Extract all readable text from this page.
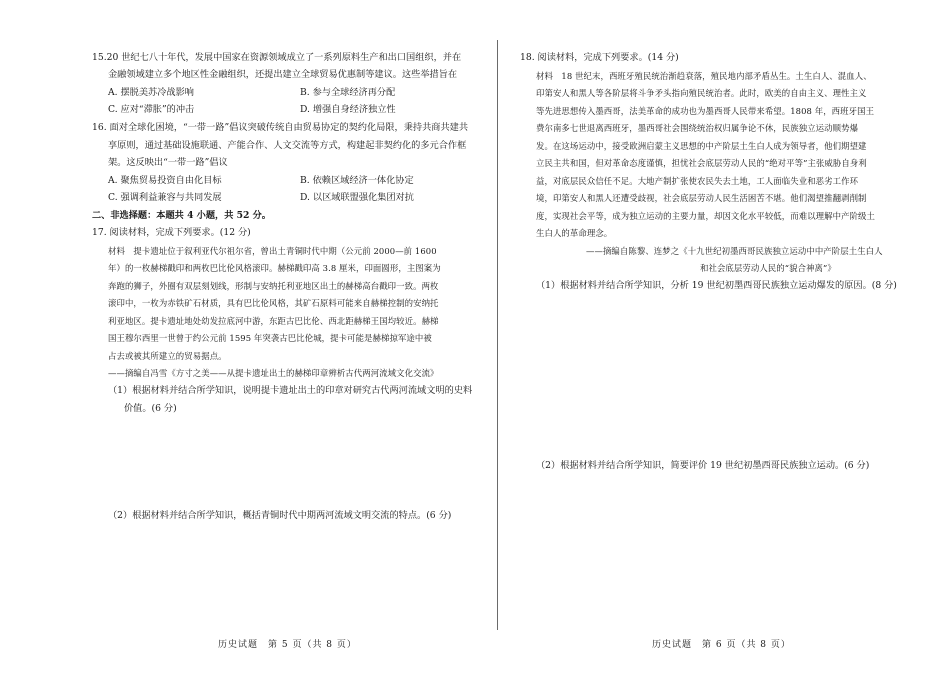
15.20 世纪七八十年代，发展中国家在资源领域成立了一系列原料生产和出口国组织，并在
金融领域建立多个地区性金融组织，还提出建立全球贸易优惠制等建议。这些举措旨在
A. 摆脱美苏冷战影响	B. 参与全球经济再分配
C. 应对“滞胀”的冲击	D. 增强自身经济独立性
16. 面对全球化困境，“一带一路”倡议突破传统自由贸易协定的契约化局限，秉持共商共建共
享原则，通过基础设施联通、产能合作、人文交流等方式，构建起非契约化的多元合作框
架。这反映出“一带一路”倡议
A. 聚焦贸易投资自由化目标	B. 依赖区域经济一体化协定
C. 强调利益兼容与共同发展	D. 以区域联盟强化集团对抗
二、非选择题：本题共 4 小题，共 52 分。
17. 阅读材料，完成下列要求。(12 分)
材料　提卡遗址位于叙利亚代尔祖尔省，曾出土青铜时代中期（公元前 2000—前 1600
年）的一枚赫梯戳印和两枚巴比伦风格滚印。赫梯戳印高 3.8 厘米，印面圆形，主图案为
奔跑的狮子，外圈有双层刻划线，形制与安纳托利亚地区出土的赫梯高台戳印一致。两枚
滚印中，一枚为赤铁矿石材质，具有巴比伦风格，其矿石原料可能来自赫梯控制的安纳托
利亚地区。提卡遗址地处幼发拉底河中游，东距古巴比伦、西北距赫梯王国均较近。赫梯
国王穆尔西里一世曾于约公元前 1595 年突袭古巴比伦城，提卡可能是赫梯掠军途中被
占去或被其所建立的贸易据点。
——摘编自冯雪《方寸之美——从提卡遗址出土的赫梯印章辨析古代两河流域文化交流》
（1）根据材料并结合所学知识，说明提卡遗址出土的印章对研究古代两河流域文明的史料
价值。(6 分)
（2）根据材料并结合所学知识，概括青铜时代中期两河流域文明交流的特点。(6 分)
历史试题　第 5 页（共 8 页）
18. 阅读材料，完成下列要求。(14 分)
材料　18 世纪末，西班牙殖民统治渐趋衰落，殖民地内部矛盾丛生。土生白人、混血人、
印第安人和黑人等各阶层将斗争矛头指向殖民统治者。此时，欧美的自由主义、理性主义
等先进思想传入墨西哥，法美革命的成功也为墨西哥人民带来希望。1808 年，西班牙国王
费尔南多七世退离西班牙，墨西哥社会围绕统治权归属争论不休，民族独立运动顺势爆
发。在这场运动中，接受欧洲启蒙主义思想的中产阶层土生白人成为领导者，他们期望建
立民主共和国，但对革命态度谨慎，担忧社会底层劳动人民的“绝对平等”主张威胁自身利
益，对底层民众信任不足。大地产制扩张使农民失去土地，工人面临失业和恶劣工作环
境，印第安人和黑人还遭受歧视，社会底层劳动人民生活困苦不堪。他们渴望推翻剥削制
度，实现社会平等，成为独立运动的主要力量，却因文化水平较低，而难以理解中产阶级土
生白人的革命理念。
——摘编自陈黎、连梦之《十九世纪初墨西哥民族独立运动中中产阶层土生白人
和社会底层劳动人民的“貌合神离”》
（1）根据材料并结合所学知识，分析 19 世纪初墨西哥民族独立运动爆发的原因。(8 分)
（2）根据材料并结合所学知识，简要评价 19 世纪初墨西哥民族独立运动。(6 分)
历史试题　第 6 页（共 8 页）
